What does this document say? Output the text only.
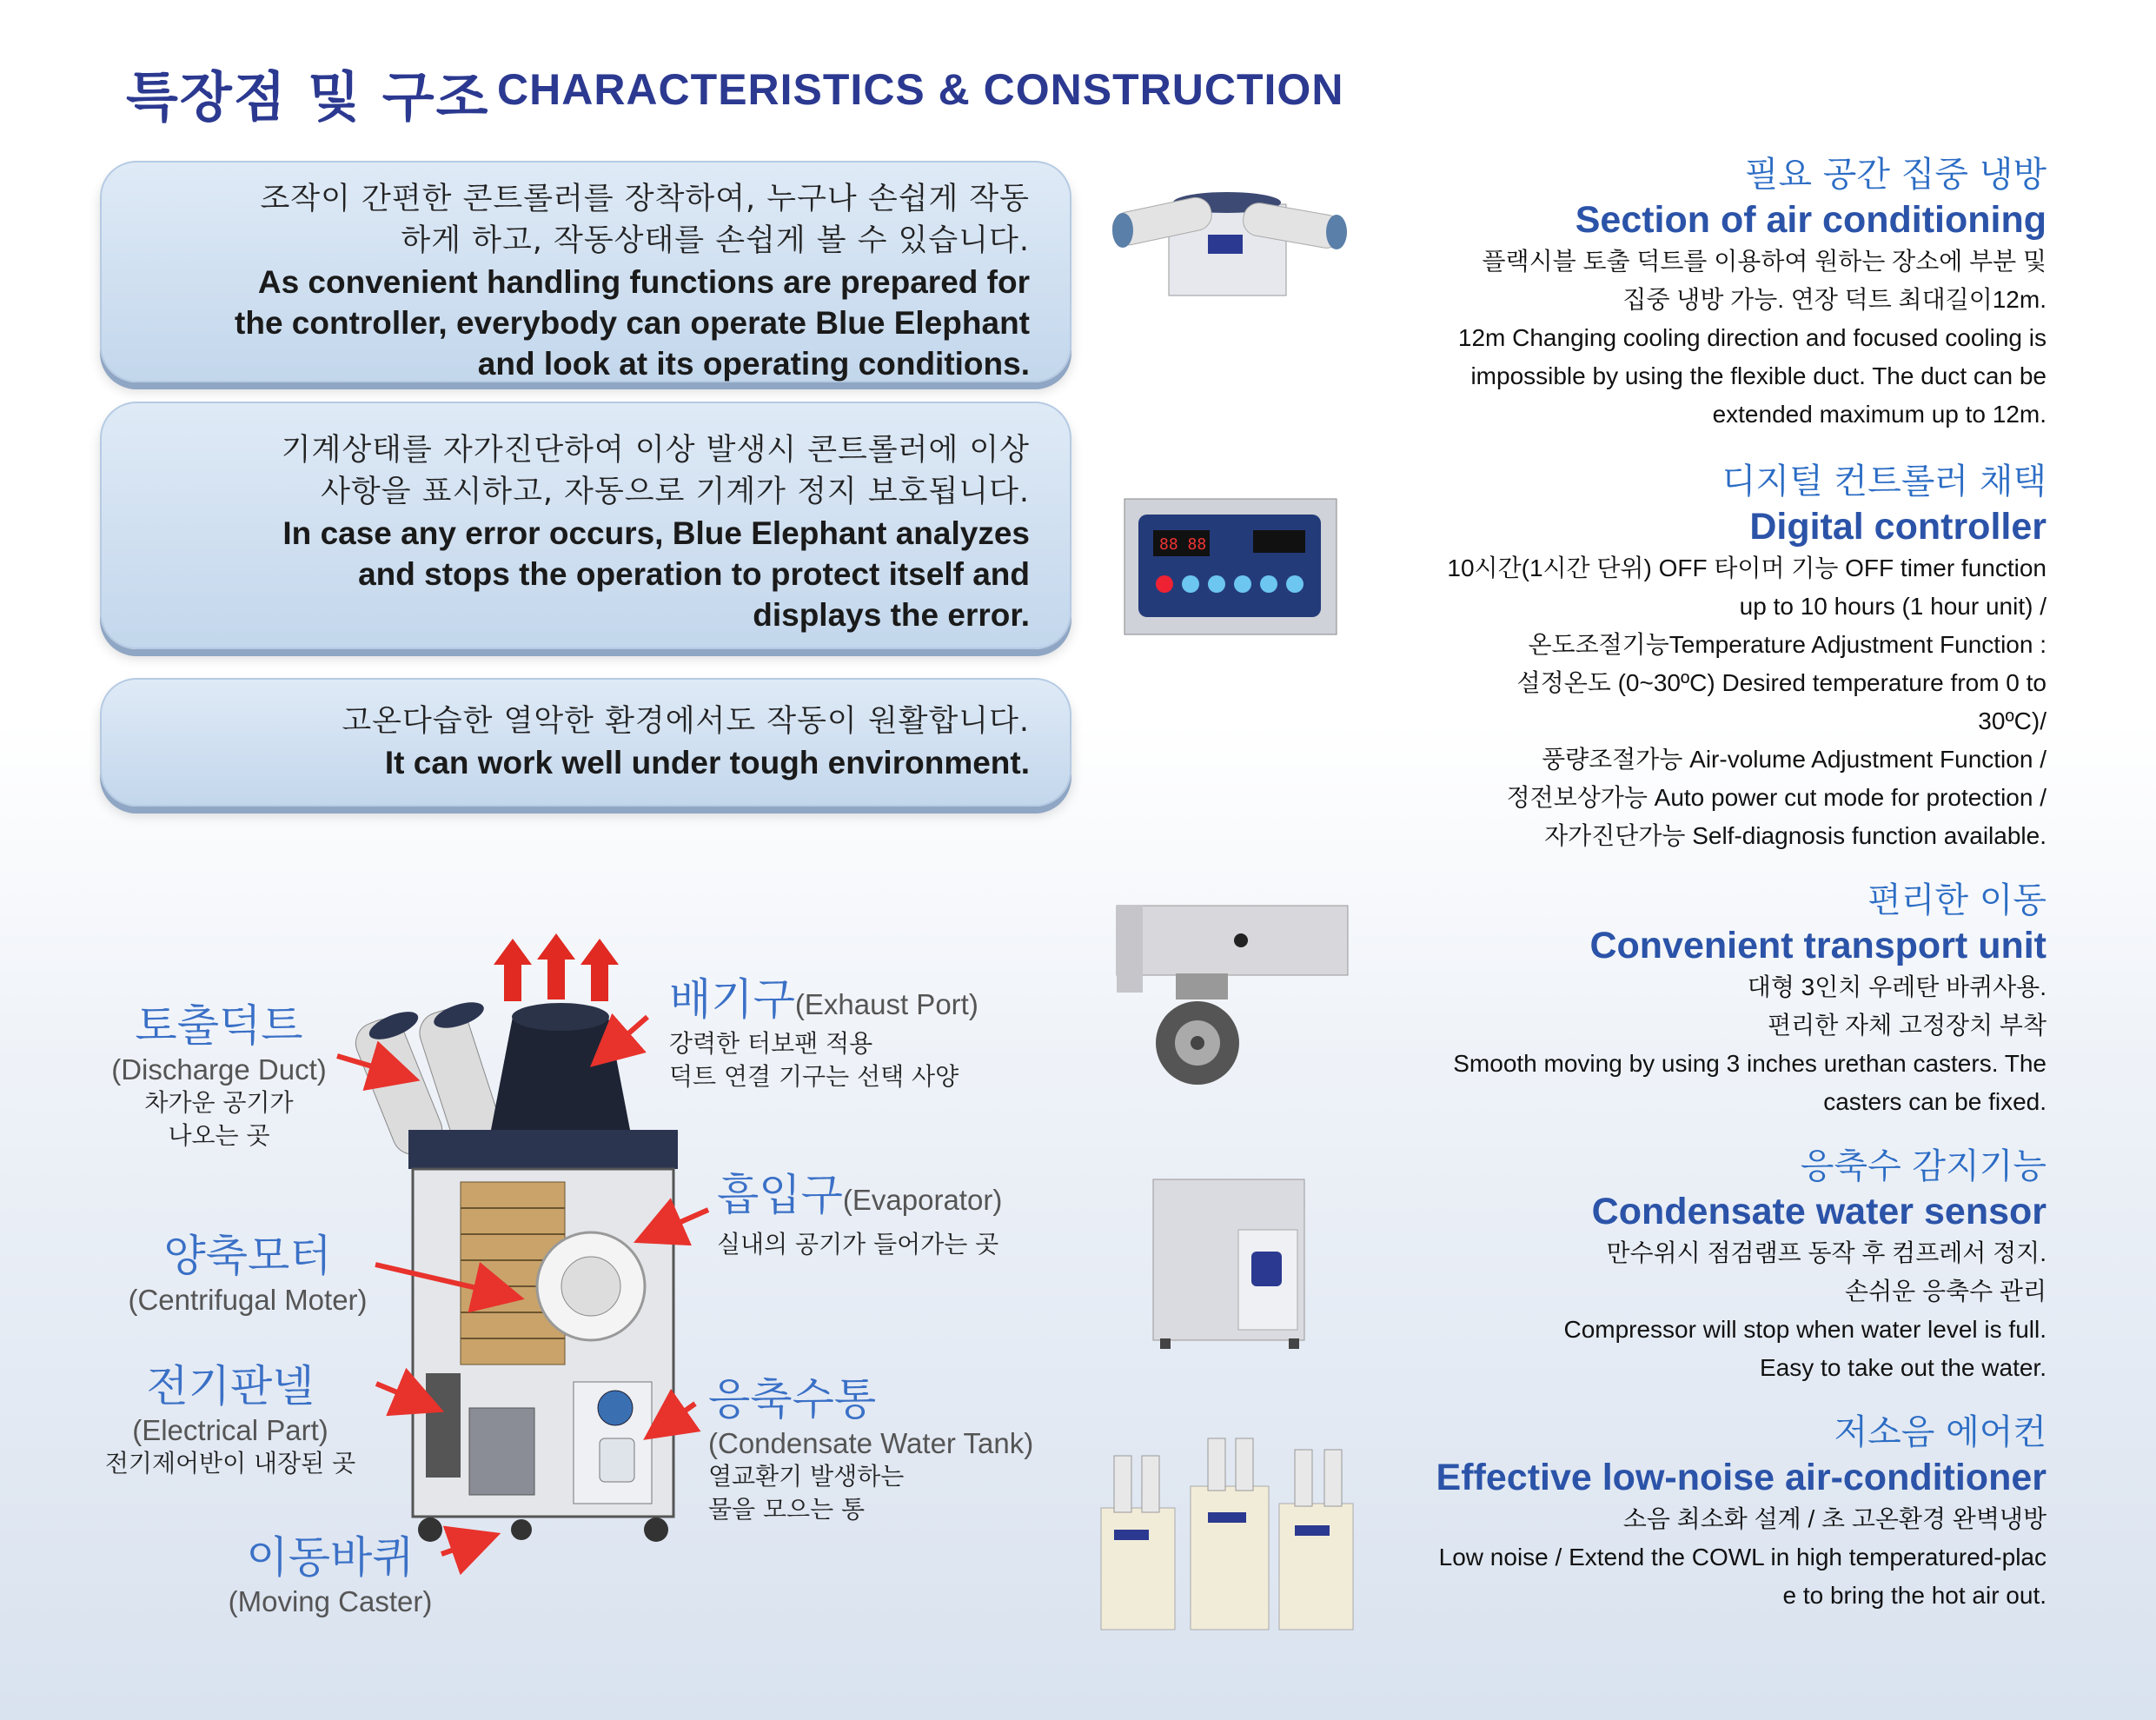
특장점 및 구조 CHARACTERISTICS & CONSTRUCTION
조작이 간편한 콘트롤러를 장착하여, 누구나 손쉽게 작동
하게 하고, 작동상태를 손쉽게 볼 수 있습니다.
As convenient handling functions are prepared for
the controller, everybody can operate Blue Elephant
and look at its operating conditions.
기계상태를 자가진단하여 이상 발생시 콘트롤러에 이상
사항을 표시하고, 자동으로 기계가 정지 보호됩니다.
In case any error occurs, Blue Elephant analyzes
and stops the operation to protect itself and
displays the error.
고온다습한 열악한 환경에서도 작동이 원활합니다.
It can work well under tough environment.
88 88
필요 공간 집중 냉방
Section of air conditioning

플랙시블 토출 덕트를 이용하여 원하는 장소에 부분 및

집중 냉방 가능. 연장 덕트 최대길이12m.

12m Changing cooling direction and focused cooling is

impossible by using the flexible duct. The duct can be

extended maximum up to 12m.

디지털 컨트롤러 채택
Digital controller

10시간(1시간 단위) OFF 타이머 기능 OFF timer function

up to 10 hours (1 hour unit) /

온도조절기능Temperature Adjustment Function :

설정온도 (0~30ºC) Desired temperature from 0 to

30ºC)/

풍량조절가능 Air-volume Adjustment Function /

정전보상가능 Auto power cut mode for protection /

자가진단가능 Self-diagnosis function available.

편리한 이동
Convenient transport unit

대형 3인치 우레탄 바퀴사용.

편리한 자체 고정장치 부착

Smooth moving by using 3 inches urethan casters. The

casters can be fixed.

응축수 감지기능
Condensate water sensor

만수위시 점검램프 동작 후 컴프레서 정지.

손쉬운 응축수 관리

Compressor will stop when water level is full.

Easy to take out the water.

저소음 에어컨
Effective low-noise air-conditioner

소음 최소화 설계 / 초 고온환경 완벽냉방

Low noise / Extend the COWL in high temperatured-plac

e to bring the hot air out.

배기구(Exhaust Port)
강력한 터보팬 적용
덕트 연결 기구는 선택 사양
토출덕트
(Discharge Duct)
차가운 공기가
나오는 곳
흡입구(Evaporator)
실내의 공기가 들어가는 곳
양축모터
(Centrifugal Moter)
전기판넬
(Electrical Part)
전기제어반이 내장된 곳
응축수통
(Condensate Water Tank)
열교환기 발생하는
물을 모으는 통
이동바퀴
(Moving Caster)
